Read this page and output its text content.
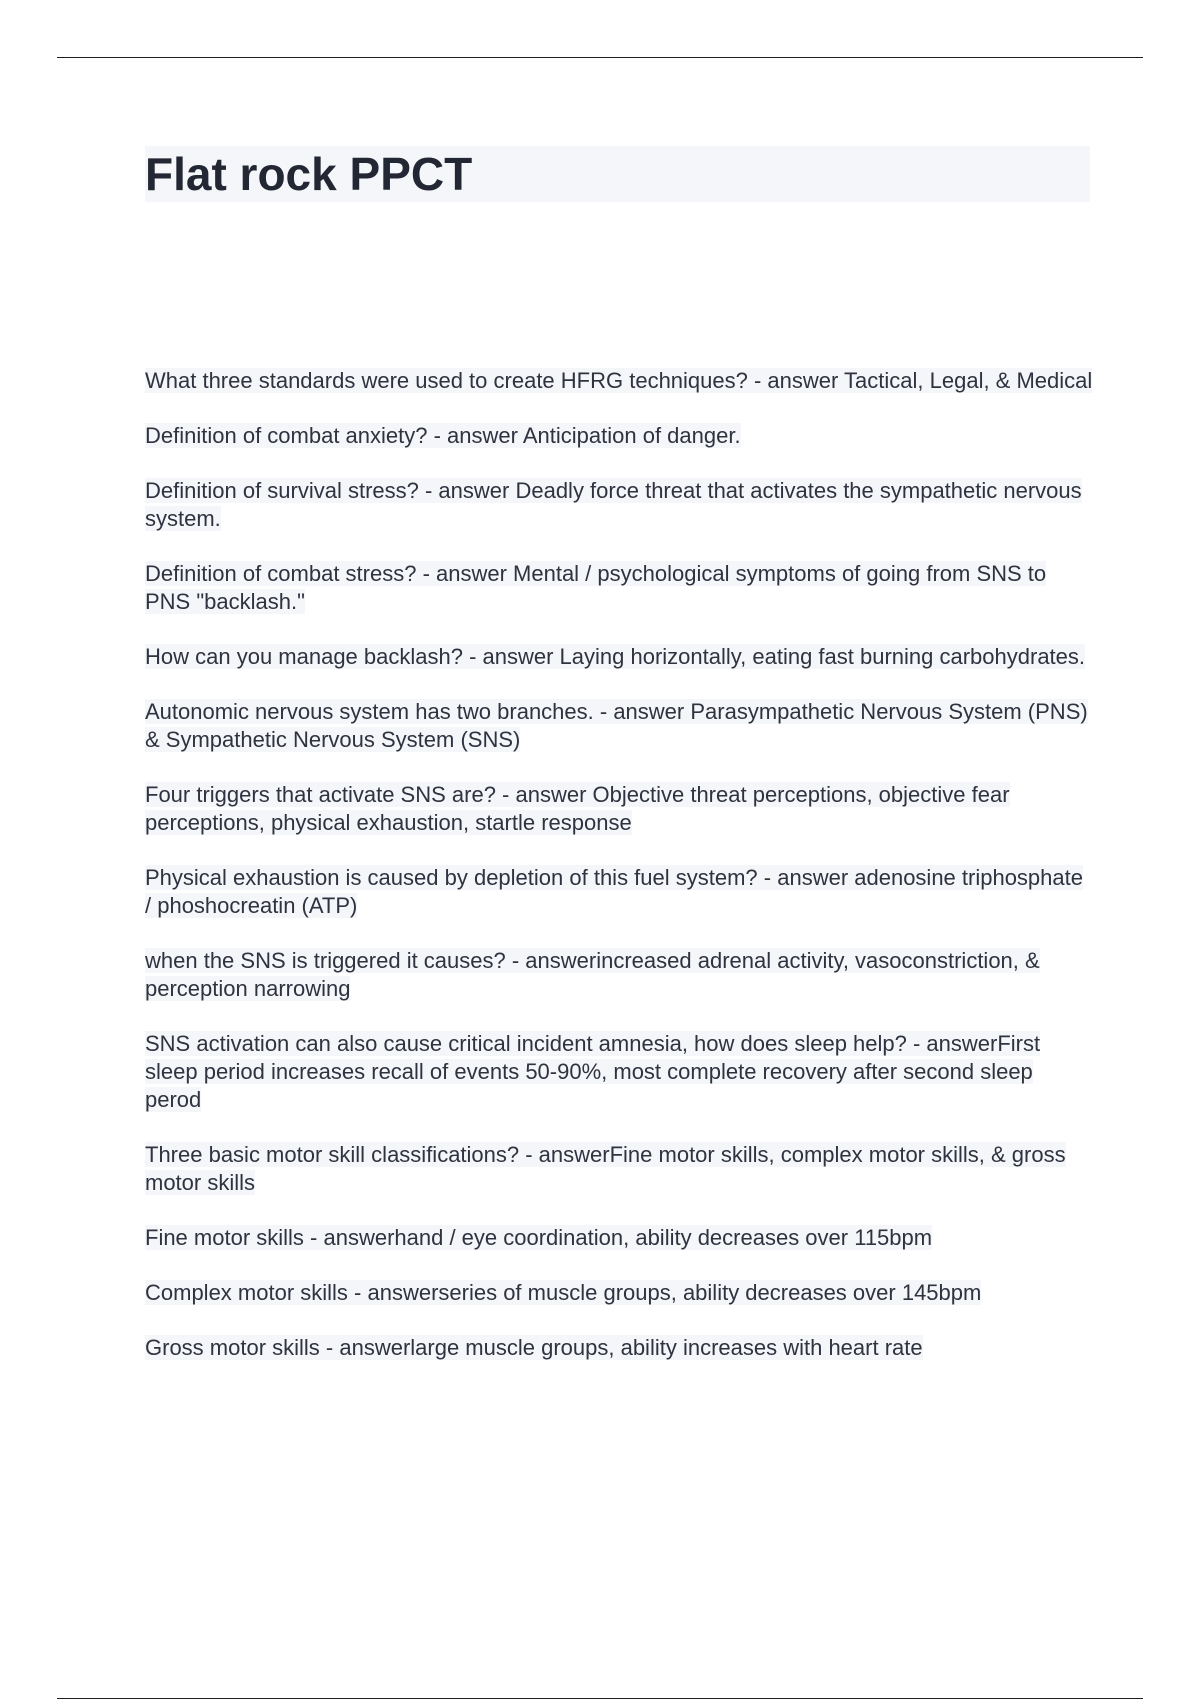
Flat rock PPCT
What three standards were used to create HFRG techniques? - answer Tactical, Legal, & Medical
Definition of combat anxiety? - answer Anticipation of danger.
Definition of survival stress? - answer Deadly force threat that activates the sympathetic nervous system.
Definition of combat stress? - answer Mental / psychological symptoms of going from SNS to PNS "backlash."
How can you manage backlash? - answer Laying horizontally, eating fast burning carbohydrates.
Autonomic nervous system has two branches. - answer Parasympathetic Nervous System (PNS) & Sympathetic Nervous System (SNS)
Four triggers that activate SNS are? - answer Objective threat perceptions, objective fear perceptions, physical exhaustion, startle response
Physical exhaustion is caused by depletion of this fuel system? - answer adenosine triphosphate / phoshocreatin (ATP)
when the SNS is triggered it causes? - answerincreased adrenal activity, vasoconstriction, & perception narrowing
SNS activation can also cause critical incident amnesia, how does sleep help? - answerFirst sleep period increases recall of events 50-90%, most complete recovery after second sleep perod
Three basic motor skill classifications? - answerFine motor skills, complex motor skills, & gross motor skills
Fine motor skills - answerhand / eye coordination, ability decreases over 115bpm
Complex motor skills - answerseries of muscle groups, ability decreases over 145bpm
Gross motor skills - answerlarge muscle groups, ability increases with heart rate
